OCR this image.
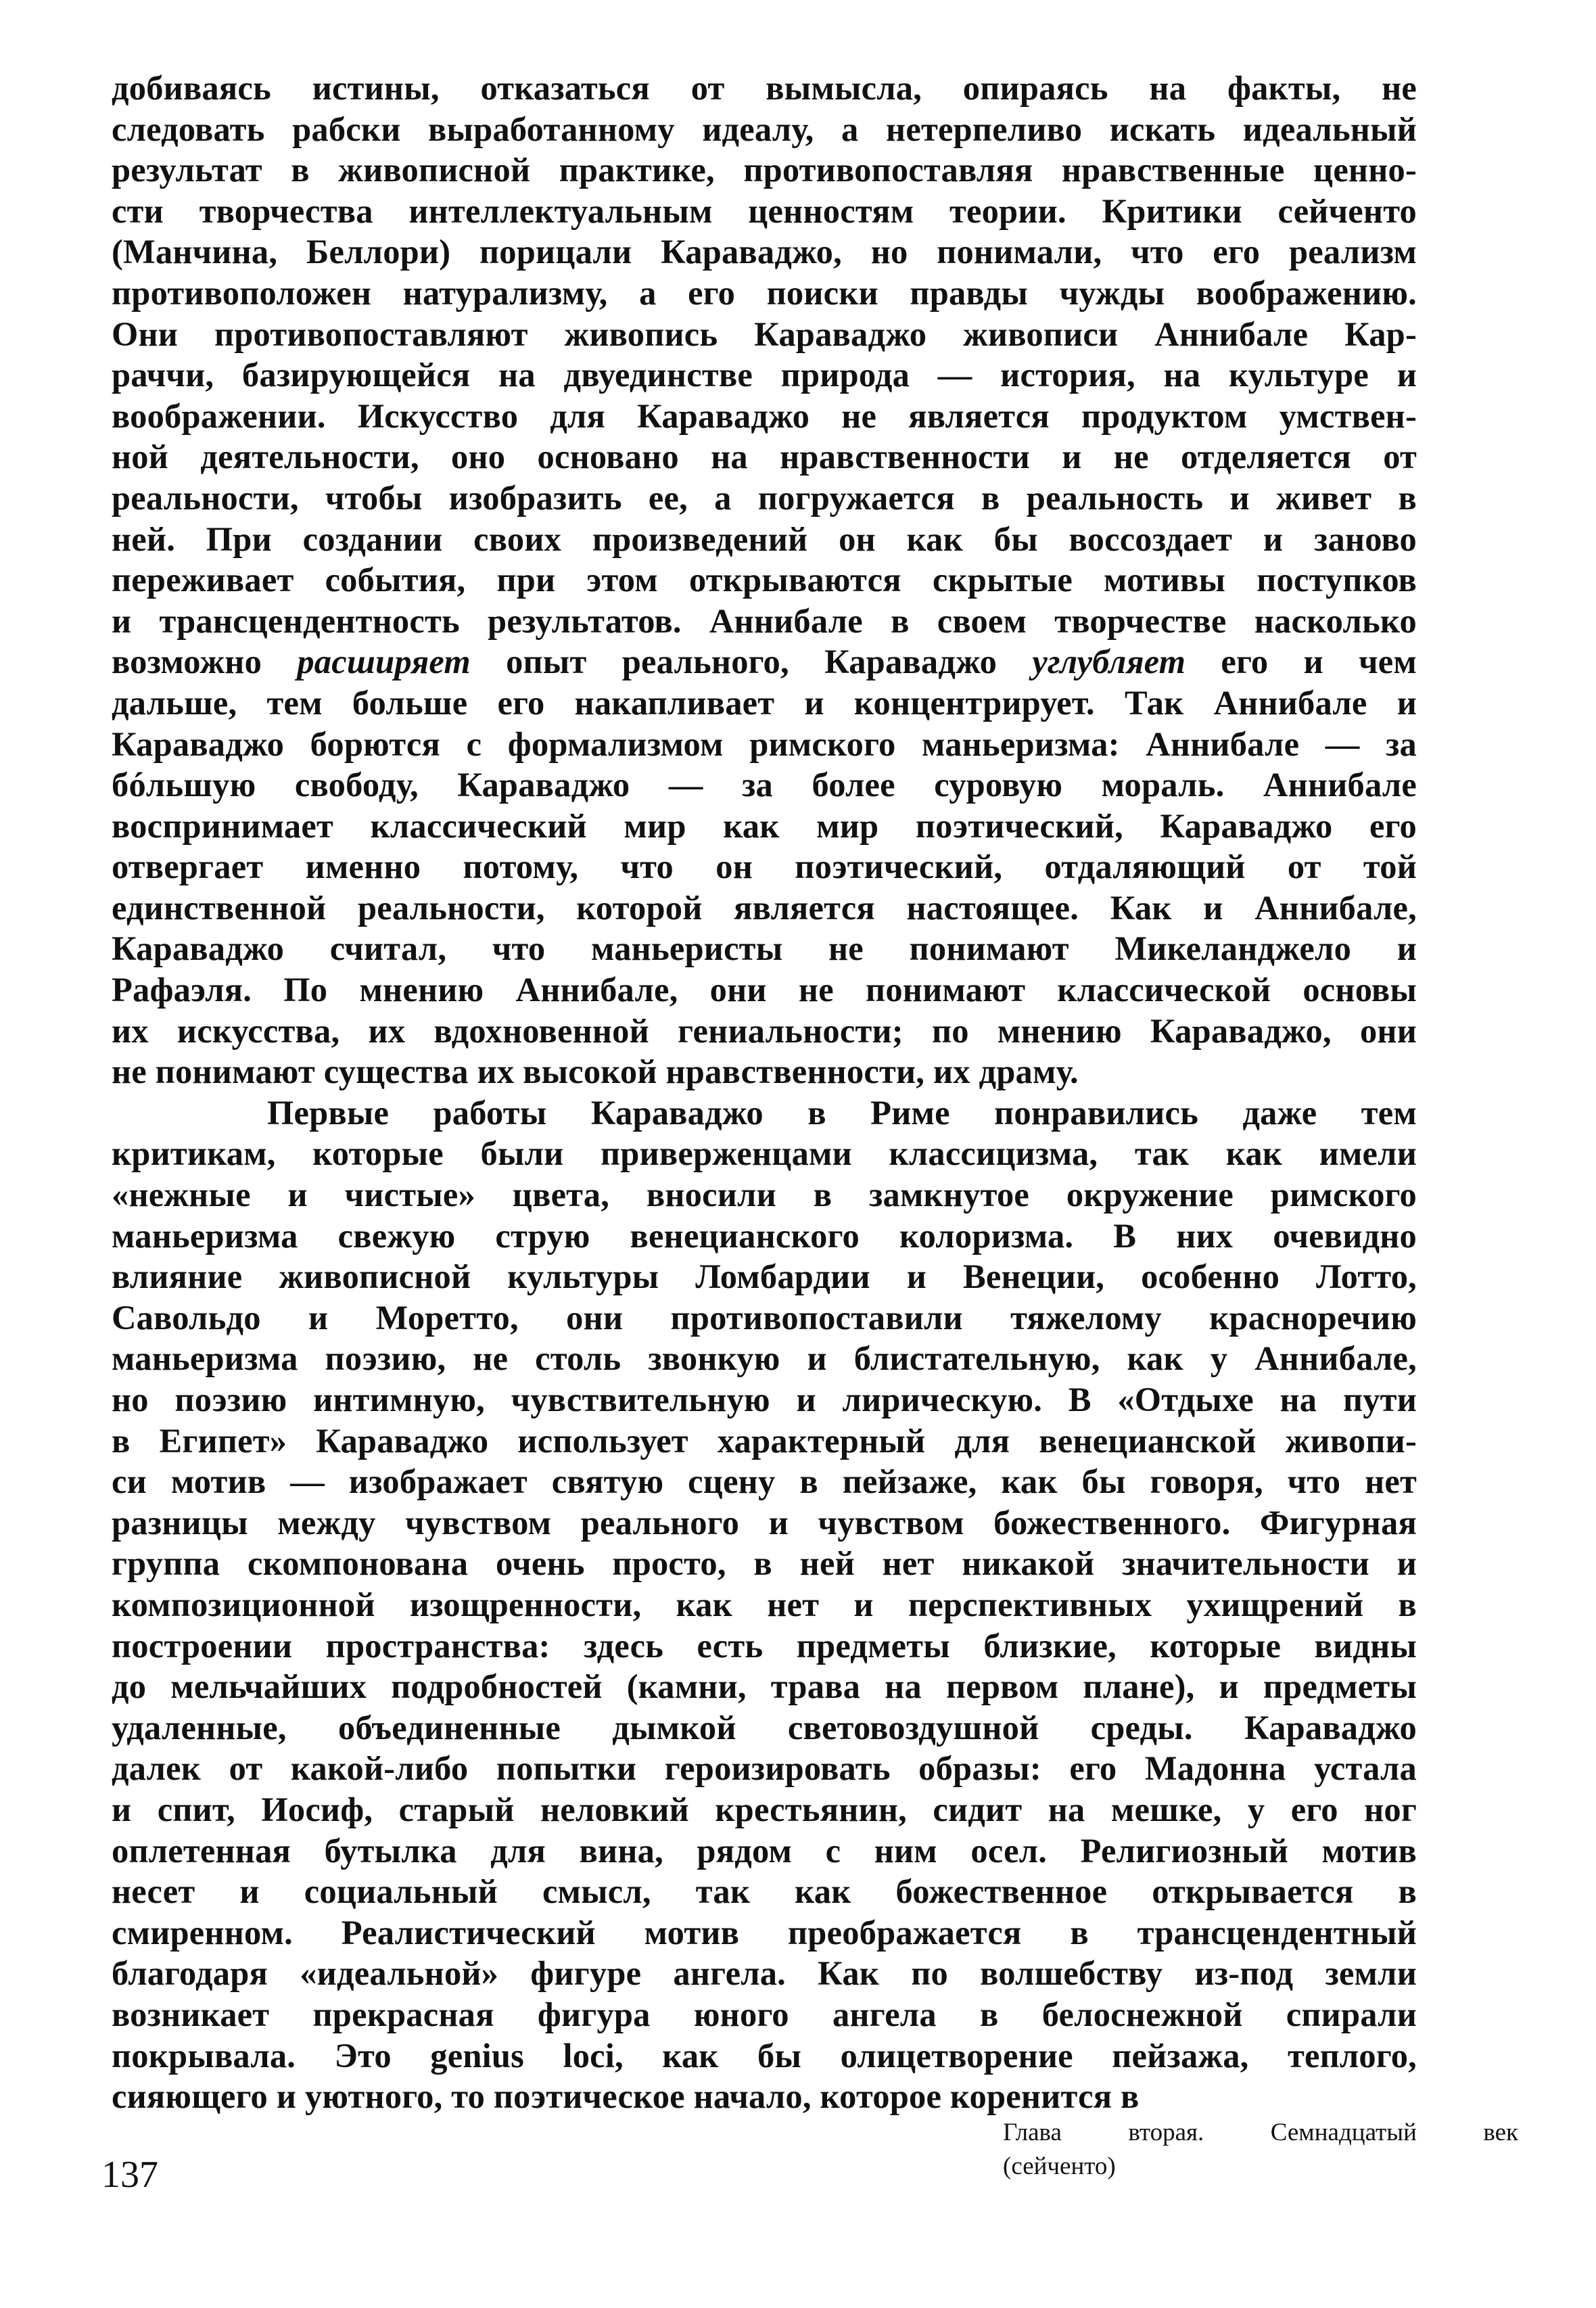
добиваясь истины, отказаться от вымысла, опираясь на факты, не
следовать рабски выработанному идеалу, а нетерпеливо искать идеальный
результат в живописной практике, противопоставляя нравственные ценно-
сти творчества интеллектуальным ценностям теории. Критики сейченто
(Манчина, Беллори) порицали Караваджо, но понимали, что его реализм
противоположен натурализму, а его поиски правды чужды воображению.
Они противопоставляют живопись Караваджо живописи Аннибале Кар-
раччи, базирующейся на двуединстве природа — история, на культуре и
воображении. Искусство для Караваджо не является продуктом умствен-
ной деятельности, оно основано на нравственности и не отделяется от
реальности, чтобы изобразить ее, а погружается в реальность и живет в
ней. При создании своих произведений он как бы воссоздает и заново
переживает события, при этом открываются скрытые мотивы поступков
и трансцендентность результатов. Аннибале в своем творчестве насколько
возможно расширяет опыт реального, Караваджо углубляет его и чем
дальше, тем больше его накапливает и концентрирует. Так Аннибале и
Караваджо борются с формализмом римского маньеризма: Аннибале — за
бóльшую свободу, Караваджо — за более суровую мораль. Аннибале
воспринимает классический мир как мир поэтический, Караваджо его
отвергает именно потому, что он поэтический, отдаляющий от той
единственной реальности, которой является настоящее. Как и Аннибале,
Караваджо считал, что маньеристы не понимают Микеланджело и
Рафаэля. По мнению Аннибале, они не понимают классической основы
их искусства, их вдохновенной гениальности; по мнению Караваджо, они
не понимают существа их высокой нравственности, их драму.
Первые работы Караваджо в Риме понравились даже тем
критикам, которые были приверженцами классицизма, так как имели
«нежные и чистые» цвета, вносили в замкнутое окружение римского
маньеризма свежую струю венецианского колоризма. В них очевидно
влияние живописной культуры Ломбардии и Венеции, особенно Лотто,
Савольдо и Моретто, они противопоставили тяжелому красноречию
маньеризма поэзию, не столь звонкую и блистательную, как у Аннибале,
но поэзию интимную, чувствительную и лирическую. В «Отдыхе на пути
в Египет» Караваджо использует характерный для венецианской живопи-
си мотив — изображает святую сцену в пейзаже, как бы говоря, что нет
разницы между чувством реального и чувством божественного. Фигурная
группа скомпонована очень просто, в ней нет никакой значительности и
композиционной изощренности, как нет и перспективных ухищрений в
построении пространства: здесь есть предметы близкие, которые видны
до мельчайших подробностей (камни, трава на первом плане), и предметы
удаленные, объединенные дымкой световоздушной среды. Караваджо
далек от какой-либо попытки героизировать образы: его Мадонна устала
и спит, Иосиф, старый неловкий крестьянин, сидит на мешке, у его ног
оплетенная бутылка для вина, рядом с ним осел. Религиозный мотив
несет и социальный смысл, так как божественное открывается в
смиренном. Реалистический мотив преображается в трансцендентный
благодаря «идеальной» фигуре ангела. Как по волшебству из-под земли
возникает прекрасная фигура юного ангела в белоснежной спирали
покрывала. Это genius loci, как бы олицетворение пейзажа, теплого,
сияющего и уютного, то поэтическое начало, которое коренится в
137
Глава вторая. Семнадцатый век
(сейченто)
